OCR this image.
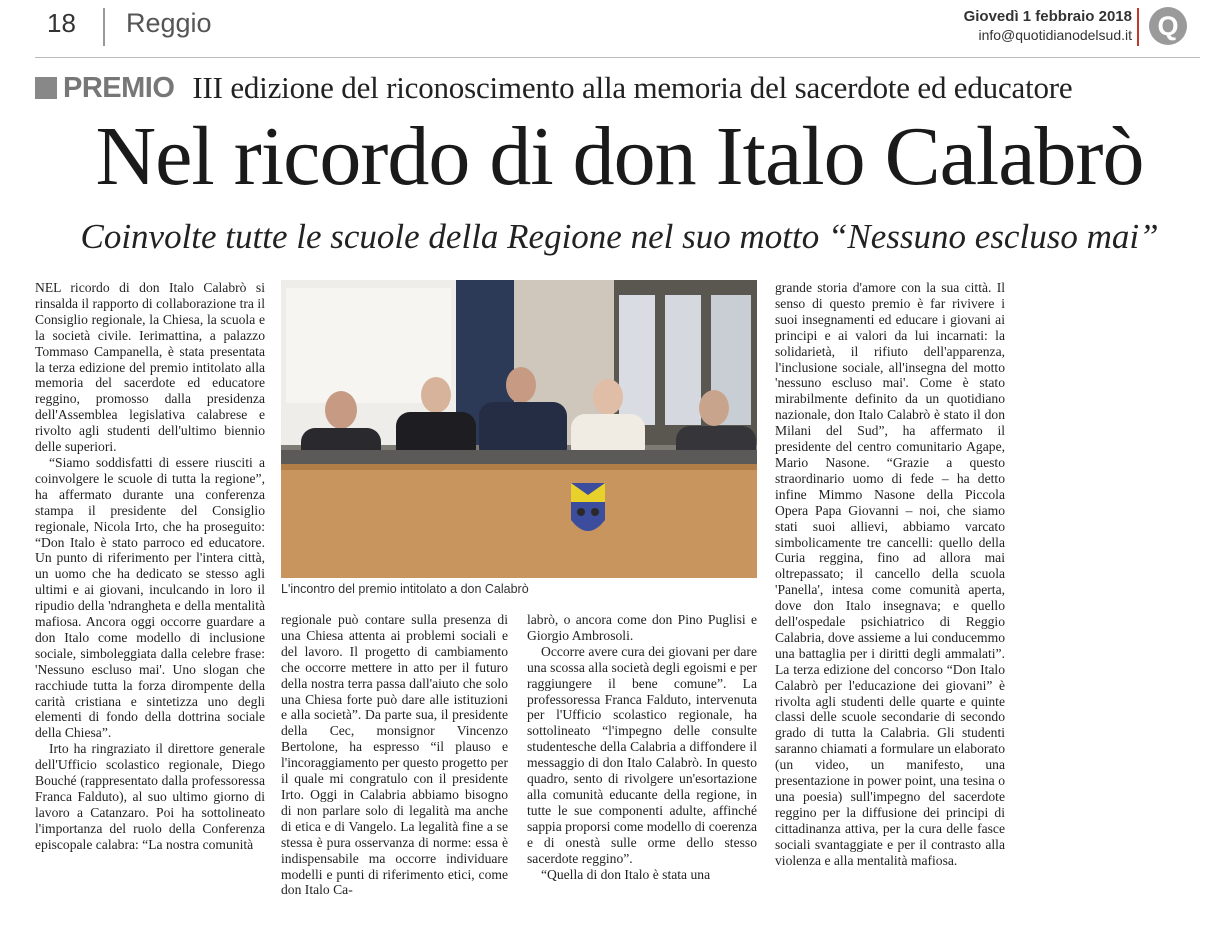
18 Reggio	Giovedì 1 febbraio 2018
info@quotidianodelsud.it Q
PREMIO III edizione del riconoscimento alla memoria del sacerdote ed educatore
Nel ricordo di don Italo Calabrò
Coinvolte tutte le scuole della Regione nel suo motto “Nessuno escluso mai”

NEL ricordo di don Italo Calabrò si rinsalda il rapporto di collaborazione tra il Consiglio regionale, la Chiesa, la scuola e la società civile. Ierimattina, a palazzo Tommaso Campanella, è stata presentata la terza edizione del premio intitolato alla memoria del sacerdote ed educatore reggino, promosso dalla presidenza dell'Assemblea legislativa calabrese e rivolto agli studenti dell'ultimo biennio delle superiori.

“Siamo soddisfatti di essere riusciti a coinvolgere le scuole di tutta la regione”, ha affermato durante una conferenza stampa il presidente del Consiglio regionale, Nicola Irto, che ha proseguito: “Don Italo è stato parroco ed educatore. Un punto di riferimento per l'intera città, un uomo che ha dedicato se stesso agli ultimi e ai giovani, inculcando in loro il ripudio della 'ndrangheta e della mentalità mafiosa. Ancora oggi occorre guardare a don Italo come modello di inclusione sociale, simboleggiata dalla celebre frase: 'Nessuno escluso mai'. Uno slogan che racchiude tutta la forza dirompente della carità cristiana e sintetizza uno degli elementi di fondo della dottrina sociale della Chiesa”.

Irto ha ringraziato il direttore generale dell'Ufficio scolastico regionale, Diego Bouché (rappresentato dalla professoressa Franca Falduto), al suo ultimo giorno di lavoro a Catanzaro. Poi ha sottolineato l'importanza del ruolo della Conferenza episcopale calabra: “La nostra comunità

L'incontro del premio intitolato a don Calabrò

regionale può contare sulla presenza di una Chiesa attenta ai problemi sociali e del lavoro. Il progetto di cambiamento che occorre mettere in atto per il futuro della nostra terra passa dall'aiuto che solo una Chiesa forte può dare alle istituzioni e alla società”. Da parte sua, il presidente della Cec, monsignor Vincenzo Bertolone, ha espresso “il plauso e l'incoraggiamento per questo progetto per il quale mi congratulo con il presidente Irto. Oggi in Calabria abbiamo bisogno di non parlare solo di legalità ma anche di etica e di Vangelo. La legalità fine a se stessa è pura osservanza di norme: essa è indispensabile ma occorre individuare modelli e punti di riferimento etici, come don Italo Ca-

labrò, o ancora come don Pino Puglisi e Giorgio Ambrosoli.

Occorre avere cura dei giovani per dare una scossa alla società degli egoismi e per raggiungere il bene comune”. La professoressa Franca Falduto, intervenuta per l'Ufficio scolastico regionale, ha sottolineato “l'impegno delle consulte studentesche della Calabria a diffondere il messaggio di don Italo Calabrò. In questo quadro, sento di rivolgere un'esortazione alla comunità educante della regione, in tutte le sue componenti adulte, affinché sappia proporsi come modello di coerenza e di onestà sulle orme dello stesso sacerdote reggino”.

“Quella di don Italo è stata una

grande storia d'amore con la sua città. Il senso di questo premio è far rivivere i suoi insegnamenti ed educare i giovani ai principi e ai valori da lui incarnati: la solidarietà, il rifiuto dell'apparenza, l'inclusione sociale, all'insegna del motto 'nessuno escluso mai'. Come è stato mirabilmente definito da un quotidiano nazionale, don Italo Calabrò è stato il don Milani del Sud”, ha affermato il presidente del centro comunitario Agape, Mario Nasone. “Grazie a questo straordinario uomo di fede – ha detto infine Mimmo Nasone della Piccola Opera Papa Giovanni – noi, che siamo stati suoi allievi, abbiamo varcato simbolicamente tre cancelli: quello della Curia reggina, fino ad allora mai oltrepassato; il cancello della scuola 'Panella', intesa come comunità aperta, dove don Italo insegnava; e quello dell'ospedale psichiatrico di Reggio Calabria, dove assieme a lui conducemmo una battaglia per i diritti degli ammalati”. La terza edizione del concorso “Don Italo Calabrò per l'educazione dei giovani” è rivolta agli studenti delle quarte e quinte classi delle scuole secondarie di secondo grado di tutta la Calabria. Gli studenti saranno chiamati a formulare un elaborato (un video, un manifesto, una presentazione in power point, una tesina o una poesia) sull'impegno del sacerdote reggino per la diffusione dei principi di cittadinanza attiva, per la cura delle fasce sociali svantaggiate e per il contrasto alla violenza e alla mentalità mafiosa.
